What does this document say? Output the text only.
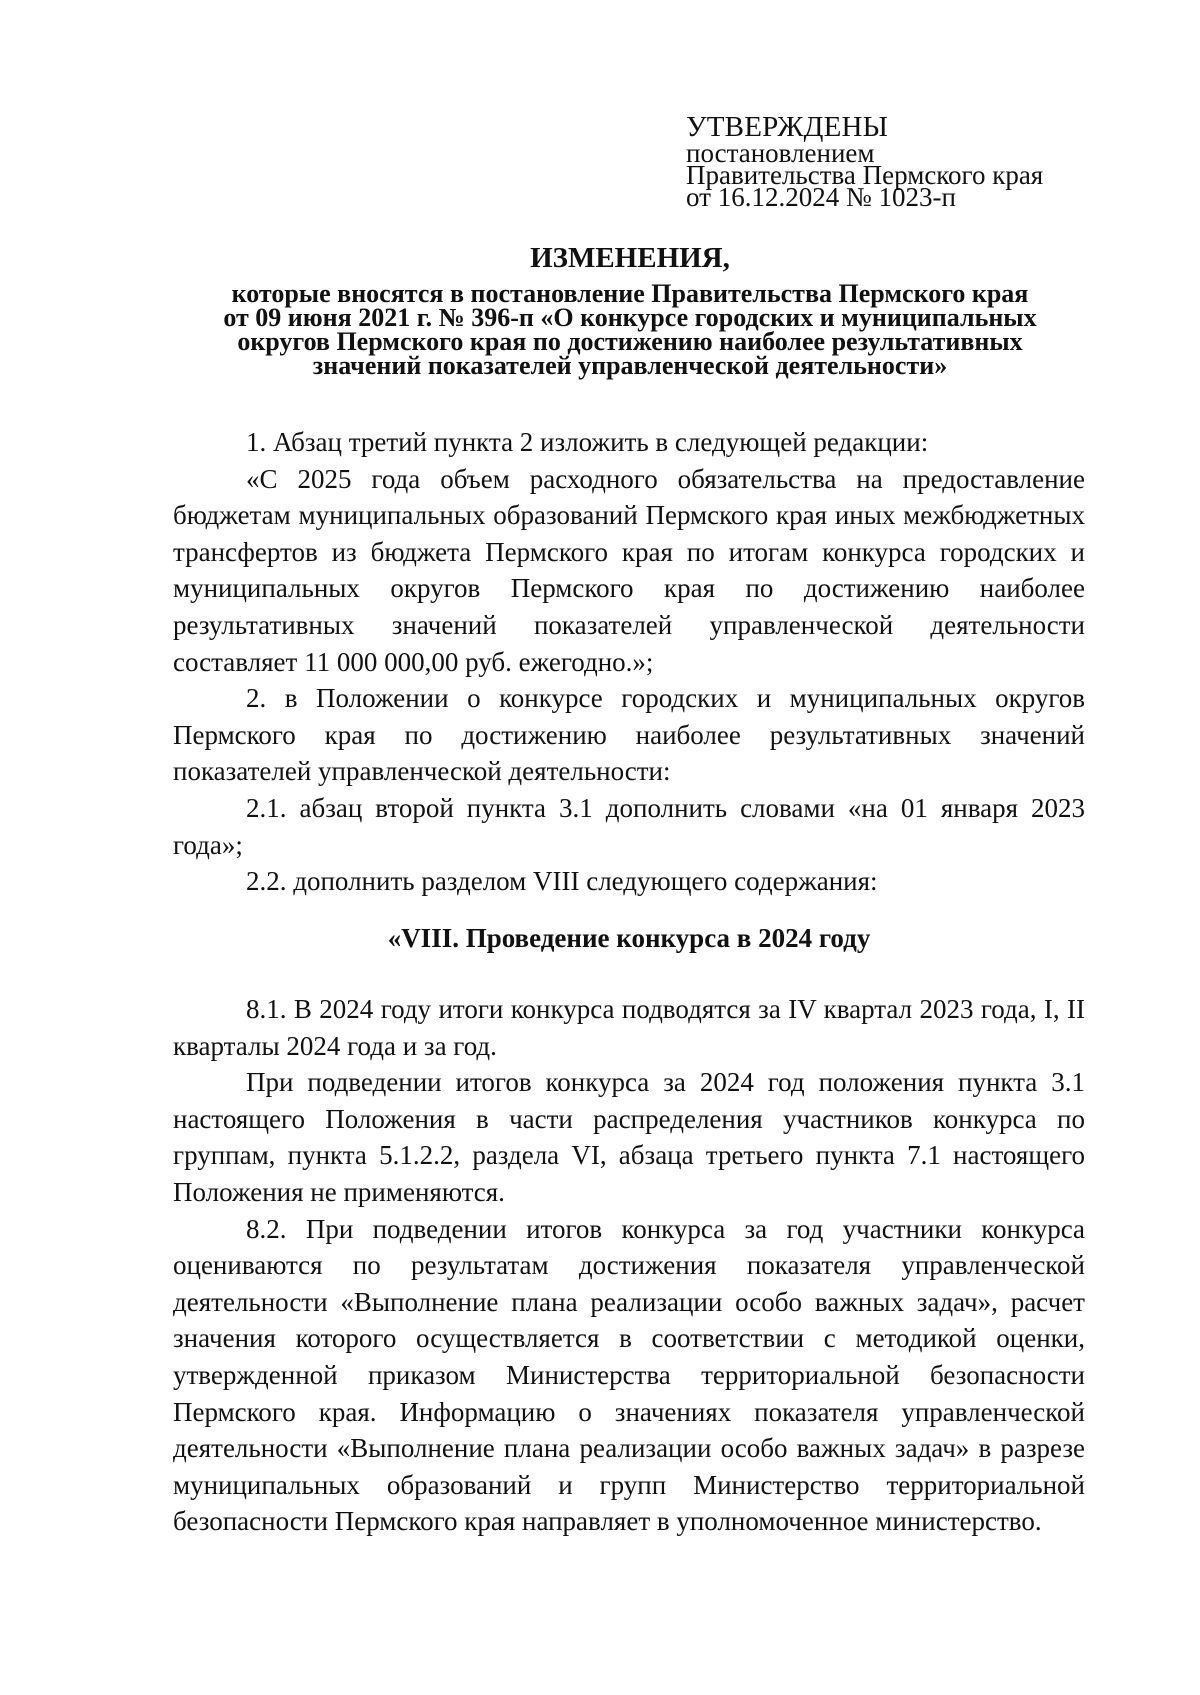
УТВЕРЖДЕНЫ
постановлением
Правительства Пермского края
от 16.12.2024 № 1023-п
ИЗМЕНЕНИЯ,
которые вносятся в постановление Правительства Пермского края
от 09 июня 2021 г. № 396-п «О конкурсе городских и муниципальных
округов Пермского края по достижению наиболее результативных
значений показателей управленческой деятельности»

1. Абзац третий пункта 2 изложить в следующей редакции:

«С 2025 года объем расходного обязательства на предоставление бюджетам муниципальных образований Пермского края иных межбюджетных трансфертов из бюджета Пермского края по итогам конкурса городских и муниципальных округов Пермского края по достижению наиболее результативных значений показателей управленческой деятельности составляет 11 000 000,00 руб. ежегодно.»;

2. в Положении о конкурсе городских и муниципальных округов Пермского края по достижению наиболее результативных значений показателей управленческой деятельности:

2.1. абзац второй пункта 3.1 дополнить словами «на 01 января 2023 года»;

2.2. дополнить разделом VIII следующего содержания:

«VIII. Проведение конкурса в 2024 году

8.1. В 2024 году итоги конкурса подводятся за IV квартал 2023 года, I, II кварталы 2024 года и за год.

При подведении итогов конкурса за 2024 год положения пункта 3.1 настоящего Положения в части распределения участников конкурса по группам, пункта 5.1.2.2, раздела VI, абзаца третьего пункта 7.1 настоящего Положения не применяются.

8.2. При подведении итогов конкурса за год участники конкурса оцениваются по результатам достижения показателя управленческой деятельности «Выполнение плана реализации особо важных задач», расчет значения которого осуществляется в соответствии с методикой оценки, утвержденной приказом Министерства территориальной безопасности Пермского края. Информацию о значениях показателя управленческой деятельности «Выполнение плана реализации особо важных задач» в разрезе муниципальных образований и групп Министерство территориальной безопасности Пермского края направляет в уполномоченное министерство.
